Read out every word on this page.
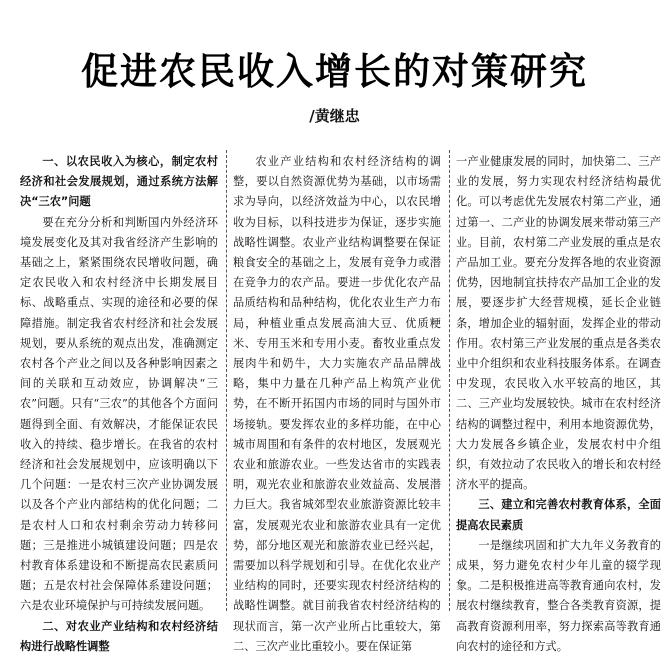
促进农民收入增长的对策研究
/黄继忠
一、以农民收入为核心，制定农村经济和社会发展规划，通过系统方法解决“三农”问题

要在充分分析和判断国内外经济环境发展变化及其对我省经济产生影响的基础之上，紧紧围绕农民增收问题，确定农民收入和农村经济中长期发展目标、战略重点、实现的途径和必要的保障措施。制定我省农村经济和社会发展规划，要从系统的观点出发，准确测定农村各个产业之间以及各种影响因素之间的关联和互动效应，协调解决“三农”问题。只有“三农”的其他各个方面问题得到全面、有效解决，才能保证农民收入的持续、稳步增长。在我省的农村经济和社会发展规划中，应该明确以下几个问题：一是农村三次产业协调发展以及各个产业内部结构的优化问题；二是农村人口和农村剩余劳动力转移问题；三是推进小城镇建设问题；四是农村教育体系建设和不断提高农民素质问题；五是农村社会保障体系建设问题；六是农业环境保护与可持续发展问题。

二、对农业产业结构和农村经济结构进行战略性调整

农业产业结构和农村经济结构的调整，要以自然资源优势为基础，以市场需求为导向，以经济效益为中心，以农民增收为目标，以科技进步为保证，逐步实施战略性调整。农业产业结构调整要在保证粮食安全的基础之上，发展有竞争力或潜在竞争力的农产品。要进一步优化农产品品质结构和品种结构，优化农业生产力布局，种植业重点发展高油大豆、优质粳米、专用玉米和专用小麦。畜牧业重点发展肉牛和奶牛，大力实施农产品品牌战略，集中力量在几种产品上构筑产业优势，在不断开拓国内市场的同时与国外市场接轨。要发挥农业的多样功能，在中心城市周围和有条件的农村地区，发展观光农业和旅游农业。一些发达省市的实践表明，观光农业和旅游农业效益高、发展潜力巨大。我省城郊型农业旅游资源比较丰富，发展观光农业和旅游农业具有一定优势，部分地区观光和旅游农业已经兴起，需要加以科学规划和引导。在优化农业产业结构的同时，还要实现农村经济结构的战略性调整。就目前我省农村经济结构的现状而言，第一次产业所占比重较大，第二、三次产业比重较小。要在保证第

一产业健康发展的同时，加快第二、三产业的发展，努力实现农村经济结构最优化。可以考虑优先发展农村第二产业，通过第一、二产业的协调发展来带动第三产业。目前，农村第二产业发展的重点是农产品加工业。要充分发挥各地的农业资源优势，因地制宜扶持农产品加工企业的发展，要逐步扩大经营规模，延长企业链条，增加企业的辐射面，发挥企业的带动作用。农村第三产业发展的重点是各类农业中介组织和农业科技服务体系。在调查中发现，农民收入水平较高的地区，其二、三产业均发展较快。城市在农村经济结构的调整过程中，利用本地资源优势，大力发展各乡镇企业，发展农村中介组织，有效拉动了农民收入的增长和农村经济水平的提高。

三、建立和完善农村教育体系，全面提高农民素质

一是继续巩固和扩大九年义务教育的成果，努力避免农村少年儿童的辍学现象。二是积极推进高等教育通向农村，发展农村继续教育，整合各类教育资源，提高教育资源利用率，努力探索高等教育通向农村的途径和方式。
